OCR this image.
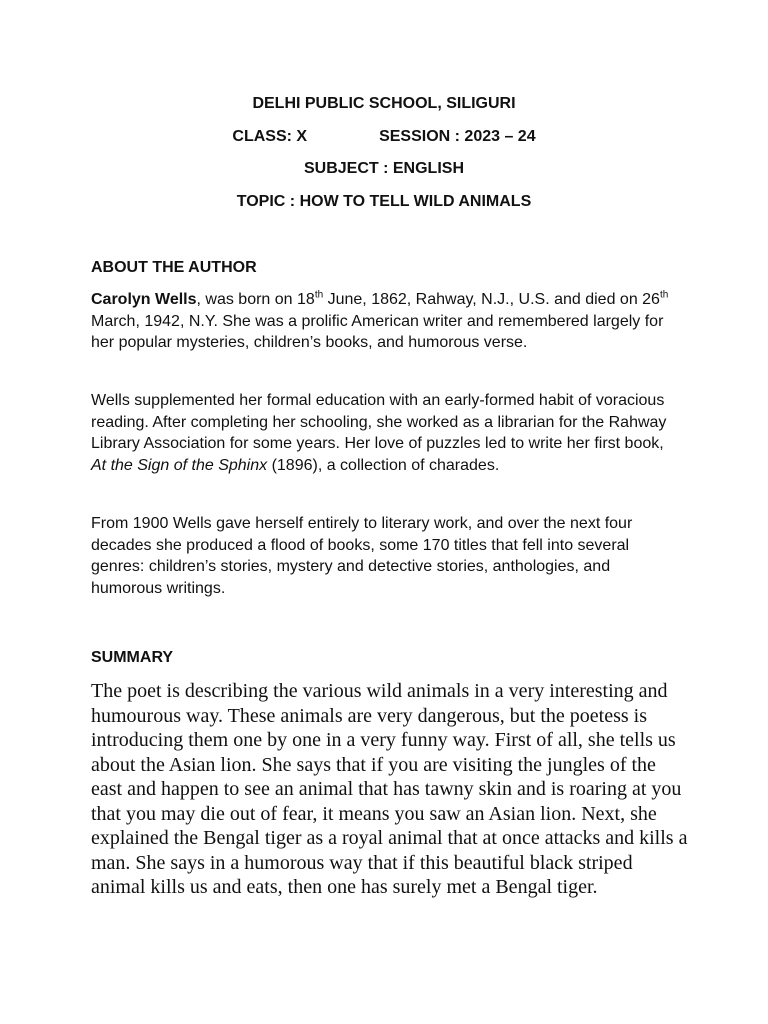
DELHI PUBLIC SCHOOL, SILIGURI
CLASS: X	SESSION : 2023 – 24
SUBJECT : ENGLISH
TOPIC : HOW TO TELL WILD ANIMALS
ABOUT THE AUTHOR

Carolyn Wells, was born on 18th June, 1862, Rahway, N.J., U.S. and died on 26th March, 1942, N.Y. She was a prolific American writer and remembered largely for her popular mysteries, children’s books, and humorous verse.

Wells supplemented her formal education with an early-formed habit of voracious reading. After completing her schooling, she worked as a librarian for the Rahway Library Association for some years. Her love of puzzles led to write her first book, At the Sign of the Sphinx (1896), a collection of charades.

From 1900 Wells gave herself entirely to literary work, and over the next four decades she produced a flood of books, some 170 titles that fell into several genres: children’s stories, mystery and detective stories, anthologies, and humorous writings.

SUMMARY

The poet is describing the various wild animals in a very interesting and humourous way. These animals are very dangerous, but the poetess is introducing them one by one in a very funny way. First of all, she tells us about the Asian lion. She says that if you are visiting the jungles of the east and happen to see an animal that has tawny skin and is roaring at you that you may die out of fear, it means you saw an Asian lion. Next, she explained the Bengal tiger as a royal animal that at once attacks and kills a man. She says in a humorous way that if this beautiful black striped animal kills us and eats, then one has surely met a Bengal tiger.
